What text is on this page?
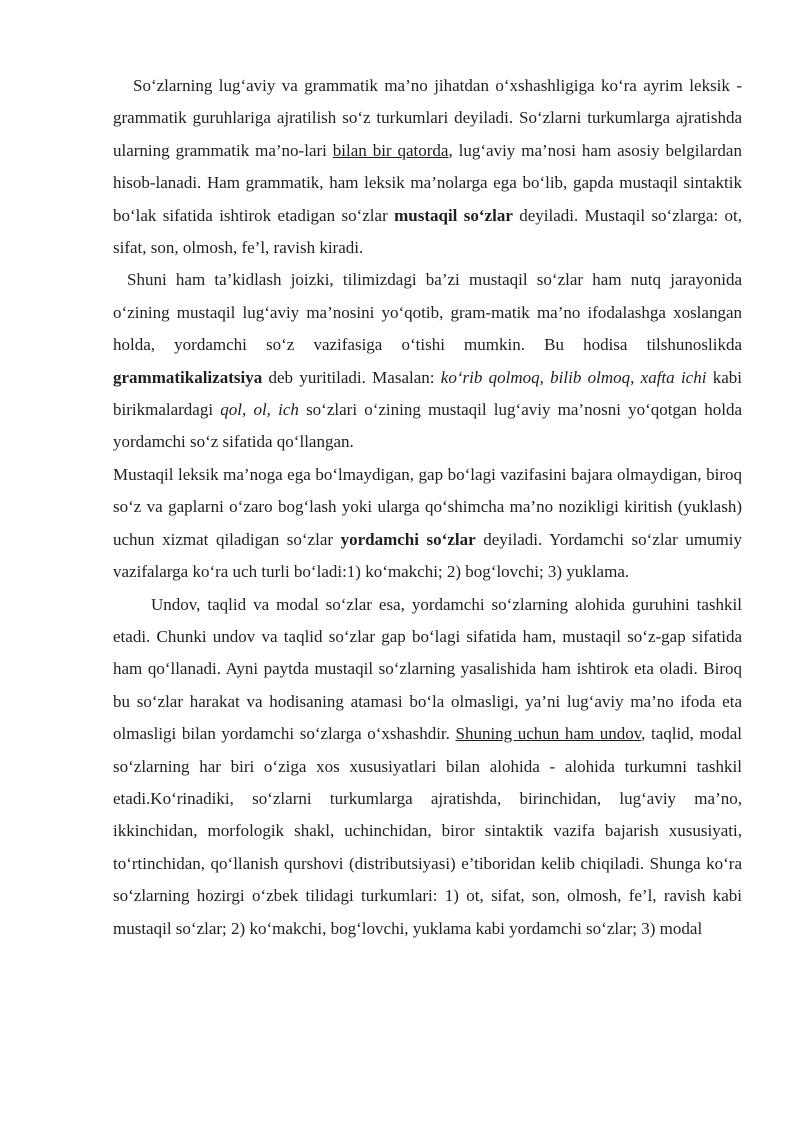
So‘zlarning lug‘aviy va grammatik ma’no jihatdan o‘xshashligiga ko‘ra ayrim leksik - grammatik guruhlariga ajratilish so‘z turkumlari deyiladi. So‘zlarni turkumlarga ajratishda ularning grammatik ma’no-lari bilan bir qatorda, lug‘aviy ma’nosi ham asosiy belgilardan hisob-lanadi. Ham grammatik, ham leksik ma’nolarga ega bo‘lib, gapda mustaqil sintaktik bo‘lak sifatida ishtirok etadigan so‘zlar mustaqil so‘zlar deyiladi. Mustaqil so‘zlarga: ot, sifat, son, olmosh, fe’l, ravish kiradi.

Shuni ham ta’kidlash joizki, tilimizdagi ba’zi mustaqil so‘zlar ham nutq jarayonida o‘zining mustaqil lug‘aviy ma’nosini yo‘qotib, gram-matik ma’no ifodalashga xoslangan holda, yordamchi so‘z vazifasiga o‘tishi mumkin. Bu hodisa tilshunoslikda grammatikalizatsiya deb yuritiladi. Masalan: ko‘rib qolmoq, bilib olmoq, xafta ichi kabi birikmalardagi qol, ol, ich so‘zlari o‘zining mustaqil lug‘aviy ma’nosni yo‘qotgan holda yordamchi so‘z sifatida qo‘llangan.

Mustaqil leksik ma’noga ega bo‘lmaydigan, gap bo‘lagi vazifasini bajara olmaydigan, biroq so‘z va gaplarni o‘zaro bog‘lash yoki ularga qo‘shimcha ma’no nozikligi kiritish (yuklash) uchun xizmat qiladigan so‘zlar yordamchi so‘zlar deyiladi. Yordamchi so‘zlar umumiy vazifalarga ko‘ra uch turli bo‘ladi:1) ko‘makchi; 2) bog‘lovchi; 3) yuklama.

Undov, taqlid va modal so‘zlar esa, yordamchi so‘zlarning alohida guruhini tashkil etadi. Chunki undov va taqlid so‘zlar gap bo‘lagi sifatida ham, mustaqil so‘z-gap sifatida ham qo‘llanadi. Ayni paytda mustaqil so‘zlarning yasalishida ham ishtirok eta oladi. Biroq bu so‘zlar harakat va hodisaning atamasi bo‘la olmasligi, ya’ni lug‘aviy ma’no ifoda eta olmasligi bilan yordamchi so‘zlarga o‘xshashdir. Shuning uchun ham undov, taqlid, modal so‘zlarning har biri o‘ziga xos xususiyatlari bilan alohida - alohida turkumni tashkil etadi.Ko‘rinadiki, so‘zlarni turkumlarga ajratishda, birinchidan, lug‘aviy ma’no, ikkinchidan, morfologik shakl, uchinchidan, biror sintaktik vazifa bajarish xususiyati, to‘rtinchidan, qo‘llanish qurshovi (distributsiyasi) e’tiboridan kelib chiqiladi. Shunga ko‘ra so‘zlarning hozirgi o‘zbek tilidagi turkumlari: 1) ot, sifat, son, olmosh, fe’l, ravish kabi mustaqil so‘zlar; 2) ko‘makchi, bog‘lovchi, yuklama kabi yordamchi so‘zlar; 3) modal
